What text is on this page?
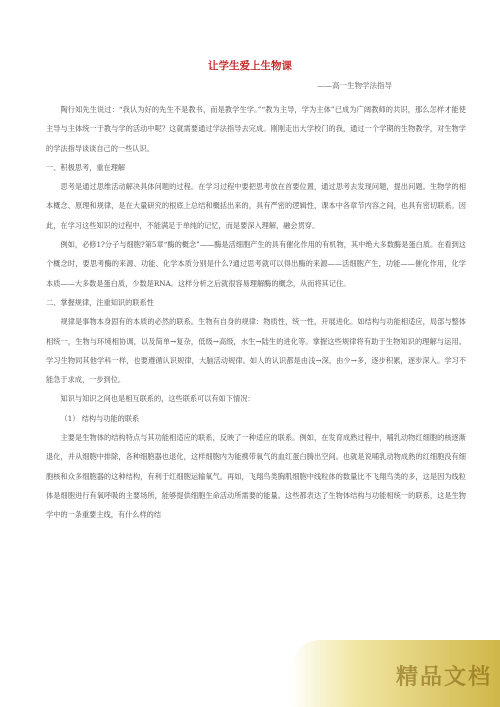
让学生爱上生物课

——高一生物学法指导

陶行知先生说过：“我认为好的先生不是教书，而是教学生学。”“教为主导，学为主体”已成为广阔教师的共识，那么怎样才能使主导与主体统一于教与学的活动中呢？这就需要通过学法指导去完成。刚刚走出大学校门的我，通过一个学期的生物教学，对生物学的学法指导谈谈自己的一些认识。

一、积极思考，重在理解

思考是通过思维活动解决具体问题的过程。在学习过程中要把思考放在首要位置，通过思考去发现问题，提出问题。生物学的相本概念、原理和规律，是在大量研究的根底上总结和概括出来的，具有严密的逻辑性，课本中各章节内容之间，也具有密切联系。因此，在学习这些知识的过程中，不能满足于单纯的记忆，而是要深入理解，融会贯穿。

例如，必修1?分子与细胞?第5章“酶的概念”——酶是活细胞产生的具有催化作用的有机物，其中绝大多数酶是蛋白质。在看到这个概念时，要思考酶的来源、功能、化学本质分别是什么?通过思考就可以得出酶的来源——活细胞产生，功能——催化作用，化学本质——大多数是蛋白质，少数是RNA。这样分析之后就很容易理解酶的概念，从而将其记住。

二、掌握规律，注重知识的联系性

规律是事物本身固有的本质的必然的联系。生物有自身的规律：物质性，统一性，开展进化。如结构与功能相适应，局部与整体相统一，生物与环境相协调，以及简单→复杂，低级→高级，水生→陆生的进化等。掌握这些规律将有助于生物知识的理解与运用。学习生物同其他学科一样，也要遵循认识规律，大脑活动规律。如人的认识都是由浅→深，由少→多，逐步积累，逐步深入。学习不能急于求成，一步到位。

知识与知识之间也是相互联系的，这些联系可以有如下情况：

（1） 结构与功能的联系

主要是生物体的结构特点与其功能相适应的联系，反映了一种适应的联系。例如，在发育成熟过程中，哺乳动物红细胞的核逐渐退化，并从细胞中排除，各种细胞器也退化，这样细胞内为能携带氧气的血红蛋白腾出空间。也就是说哺乳动物成熟的红细胞没有细胞核和众多细胞器的这种结构，有利于红细胞运输氧气。再如，飞翔鸟类胸肌细胞中线粒体的数量比不飞翔鸟类的多，这是因为线粒体是细胞进行有氧呼吸的主要场所，能够提供细胞生命活动所需要的能量。这些都表达了生物体结构与功能相统一的联系，这是生物学中的一条重要主线，有什么样的结

精品文档
